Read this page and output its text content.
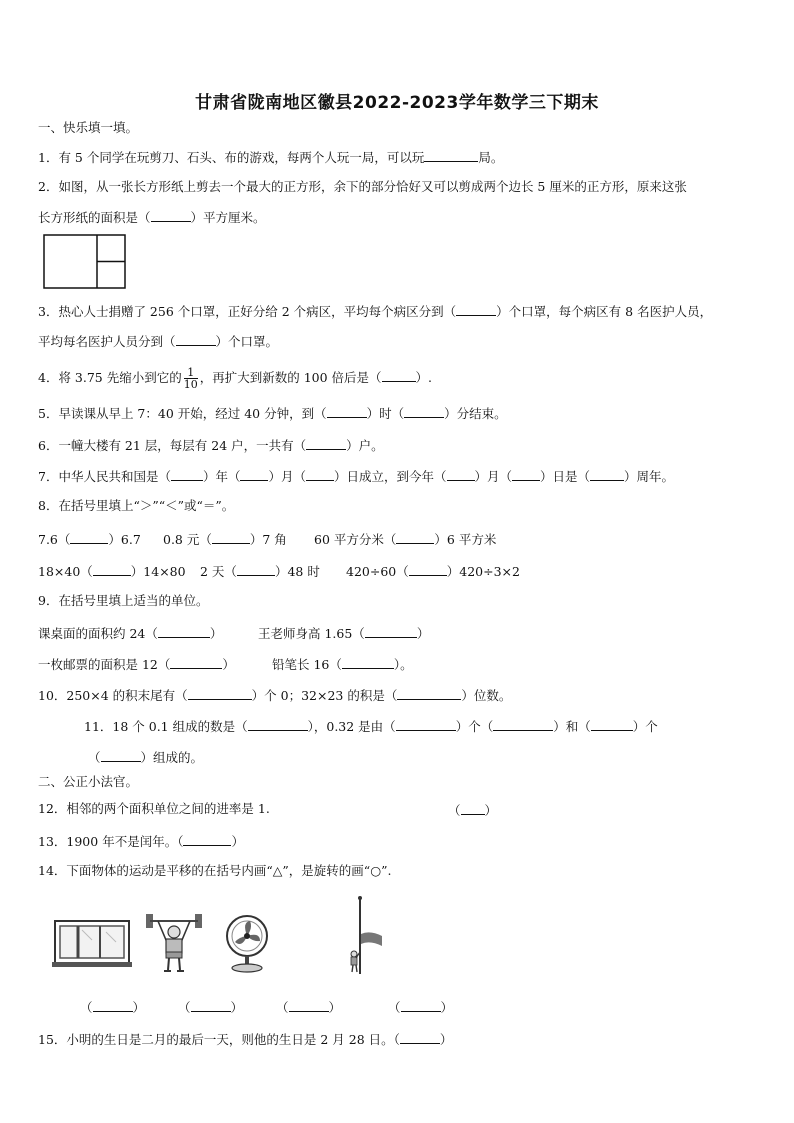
甘肃省陇南地区徽县2022-2023学年数学三下期末
一、快乐填一填。
1．有 5 个同学在玩剪刀、石头、布的游戏，每两个人玩一局，可以玩	局。
2．如图，从一张长方形纸上剪去一个最大的正方形，余下的部分恰好又可以剪成两个边长 5 厘米的正方形，原来这张
长方形纸的面积是（	）平方厘米。
3．热心人士捐赠了 256 个口罩，正好分给 2 个病区，平均每个病区分到（	）个口罩，每个病区有 8 名医护人员，
平均每名医护人员分到（	）个口罩。
4．将 3.75 先缩小到它的 $\frac{1}{10}$ ，再扩大到新数的 100 倍后是（	）.
5．早读课从早上 7：40 开始，经过 40 分钟，到（	）时（	）分结束。
6．一幢大楼有 21 层，每层有 24 户，一共有（	）户。
7．中华人民共和国是（	）年（ ）月（ ）日成立，到今年（ ）月（ ）日是（	）周年。
8．在括号里填上“＞”“＜”或“＝”。
7.6（	）6.7 0.8 元（	）7 角 60 平方分米（	）6 平方米
18×40（	）14×80 2 天（	）48 时 420÷60（	）420÷3×2
9．在括号里填上适当的单位。
课桌面的面积约 24（	）	王老师身高 1.65（	）
一枚邮票的面积是 12（	）	铅笔长 16（	）。
10．250×4 的积末尾有（	）个 0；32×23 的积是（	）位数。
11．18 个 0.1 组成的数是（	），0.32 是由（	）个（	）和（	）个
（	）组成的。
二、公正小法官。
12．相邻的两个面积单位之间的进率是 1.	（ ）
13．1900 年不是闰年。（	）
14．下面物体的运动是平移的在括号内画“△”，是旋转的画“○”.
（	）	（	）	（	）	（	）
15．小明的生日是二月的最后一天，则他的生日是 2 月 28 日。（	）
